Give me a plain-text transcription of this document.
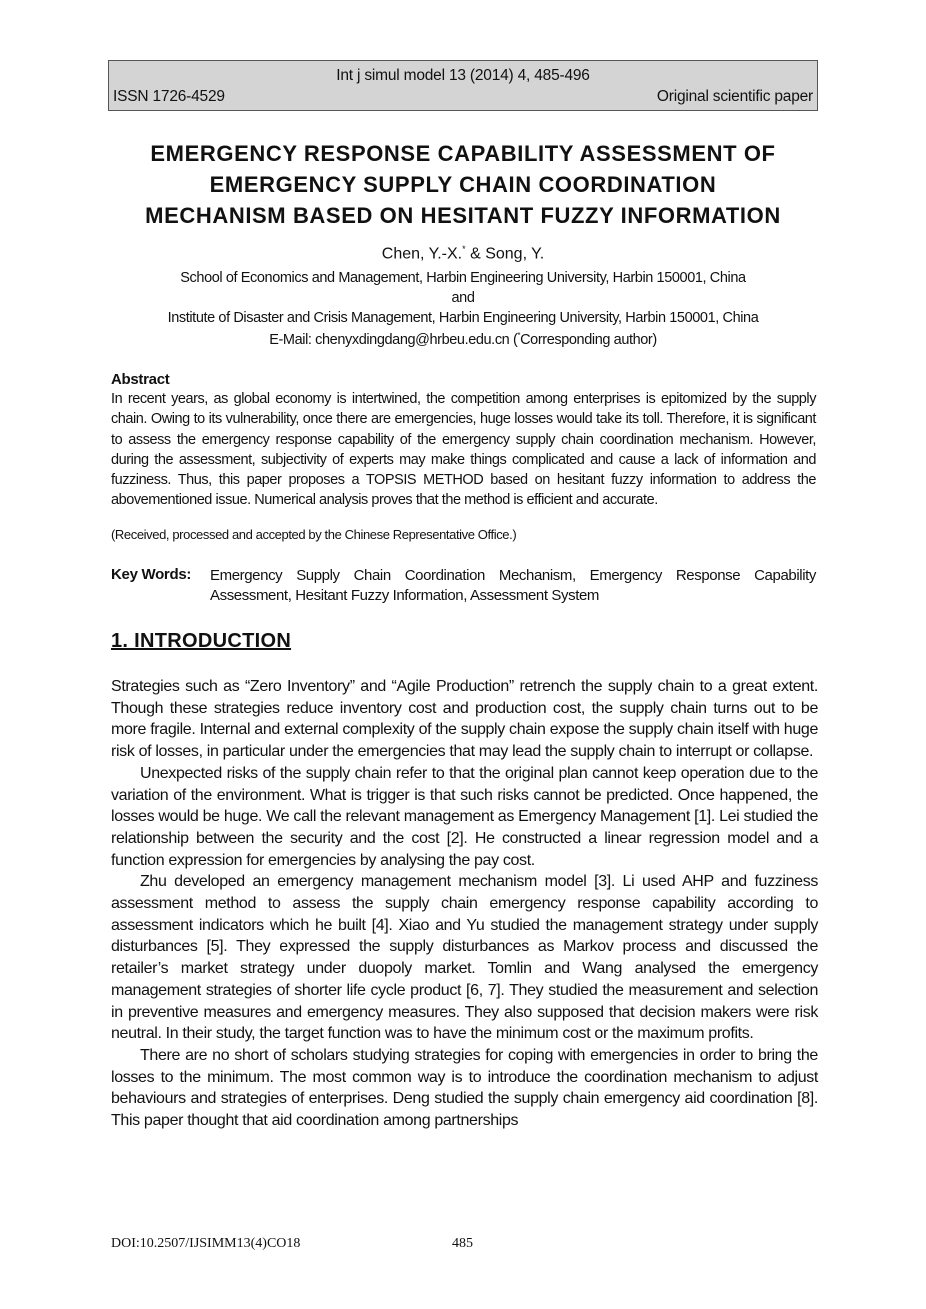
Int j simul model 13 (2014) 4, 485-496
ISSN 1726-4529	Original scientific paper
EMERGENCY RESPONSE CAPABILITY ASSESSMENT OF
EMERGENCY SUPPLY CHAIN COORDINATION
MECHANISM BASED ON HESITANT FUZZY INFORMATION
Chen, Y.-X.* & Song, Y.
School of Economics and Management, Harbin Engineering University, Harbin 150001, China
and
Institute of Disaster and Crisis Management, Harbin Engineering University, Harbin 150001, China
E-Mail: chenyxdingdang@hrbeu.edu.cn (*Corresponding author)
Abstract
In recent years, as global economy is intertwined, the competition among enterprises is epitomized by the supply chain. Owing to its vulnerability, once there are emergencies, huge losses would take its toll. Therefore, it is significant to assess the emergency response capability of the emergency supply chain coordination mechanism. However, during the assessment, subjectivity of experts may make things complicated and cause a lack of information and fuzziness. Thus, this paper proposes a TOPSIS METHOD based on hesitant fuzzy information to address the abovementioned issue. Numerical analysis proves that the method is efficient and accurate.
(Received, processed and accepted by the Chinese Representative Office.)
Key Words: Emergency Supply Chain Coordination Mechanism, Emergency Response Capability Assessment, Hesitant Fuzzy Information, Assessment System
1. INTRODUCTION

Strategies such as “Zero Inventory” and “Agile Production” retrench the supply chain to a great extent. Though these strategies reduce inventory cost and production cost, the supply chain turns out to be more fragile. Internal and external complexity of the supply chain expose the supply chain itself with huge risk of losses, in particular under the emergencies that may lead the supply chain to interrupt or collapse.

Unexpected risks of the supply chain refer to that the original plan cannot keep operation due to the variation of the environment. What is trigger is that such risks cannot be predicted. Once happened, the losses would be huge. We call the relevant management as Emergency Management [1]. Lei studied the relationship between the security and the cost [2]. He constructed a linear regression model and a function expression for emergencies by analysing the pay cost.

Zhu developed an emergency management mechanism model [3]. Li used AHP and fuzziness assessment method to assess the supply chain emergency response capability according to assessment indicators which he built [4]. Xiao and Yu studied the management strategy under supply disturbances [5]. They expressed the supply disturbances as Markov process and discussed the retailer’s market strategy under duopoly market. Tomlin and Wang analysed the emergency management strategies of shorter life cycle product [6, 7]. They studied the measurement and selection in preventive measures and emergency measures. They also supposed that decision makers were risk neutral. In their study, the target function was to have the minimum cost or the maximum profits.

There are no short of scholars studying strategies for coping with emergencies in order to bring the losses to the minimum. The most common way is to introduce the coordination mechanism to adjust behaviours and strategies of enterprises. Deng studied the supply chain emergency aid coordination [8]. This paper thought that aid coordination among partnerships

DOI:10.2507/IJSIMM13(4)CO18	485
